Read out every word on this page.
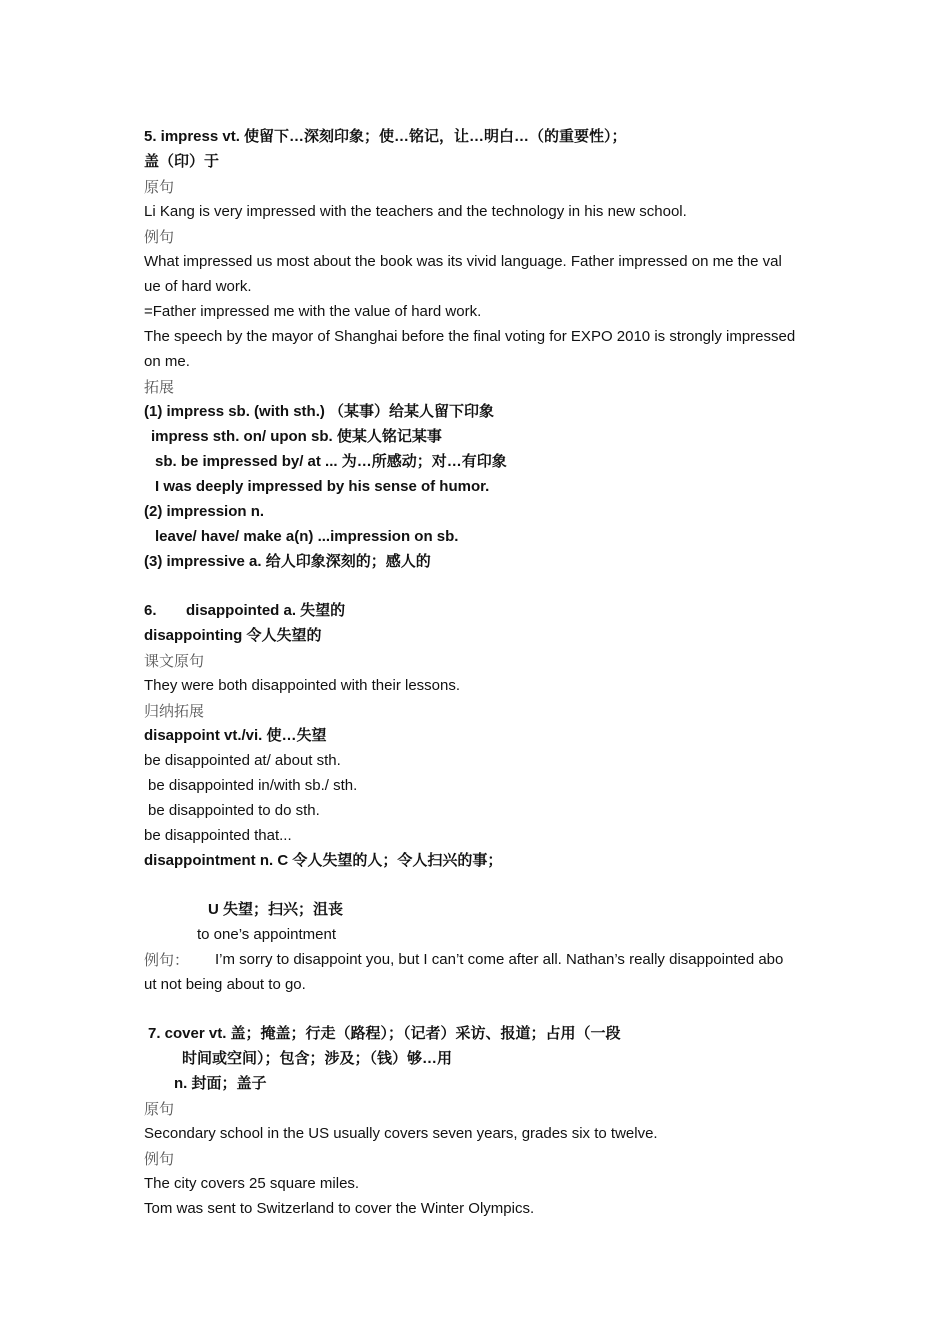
5. impress vt. 使留下…深刻印象；使…铭记，让…明白…（的重要性）；
盖（印）于
原句
Li Kang is very impressed with the teachers and the technology in his new school.
例句
What impressed us most about the book was its vivid language. Father impressed on me the val
ue of hard work.
=Father impressed me with the value of hard work.
The speech by the mayor of Shanghai before the final voting for EXPO 2010 is strongly impressed
on me.
拓展
(1) impress sb. (with sth.) （某事）给某人留下印象
impress sth. on/ upon sb. 使某人铭记某事
sb. be impressed by/ at ... 为…所感动；对…有印象
I was deeply impressed by his sense of humor.
(2) impression n.
leave/ have/ make a(n) ...impression on sb.
(3) impressive a. 给人印象深刻的；感人的
6. disappointed a. 失望的
disappointing 令人失望的
课文原句
They were both disappointed with their lessons.
归纳拓展
disappoint vt./vi. 使…失望
be disappointed at/ about sth.
be disappointed in/with sb./ sth.
be disappointed to do sth.
be disappointed that...
disappointment n. C 令人失望的人；令人扫兴的事；
U 失望；扫兴；沮丧
to one’s appointment
例句： I’m sorry to disappoint you, but I can’t come after all. Nathan’s really disappointed abo
ut not being about to go.
7. cover vt. 盖；掩盖；行走（路程）；（记者）采访、报道；占用（一段
时间或空间）；包含；涉及；（钱）够…用
n. 封面；盖子
原句
Secondary school in the US usually covers seven years, grades six to twelve.
例句
The city covers 25 square miles.
Tom was sent to Switzerland to cover the Winter Olympics.
